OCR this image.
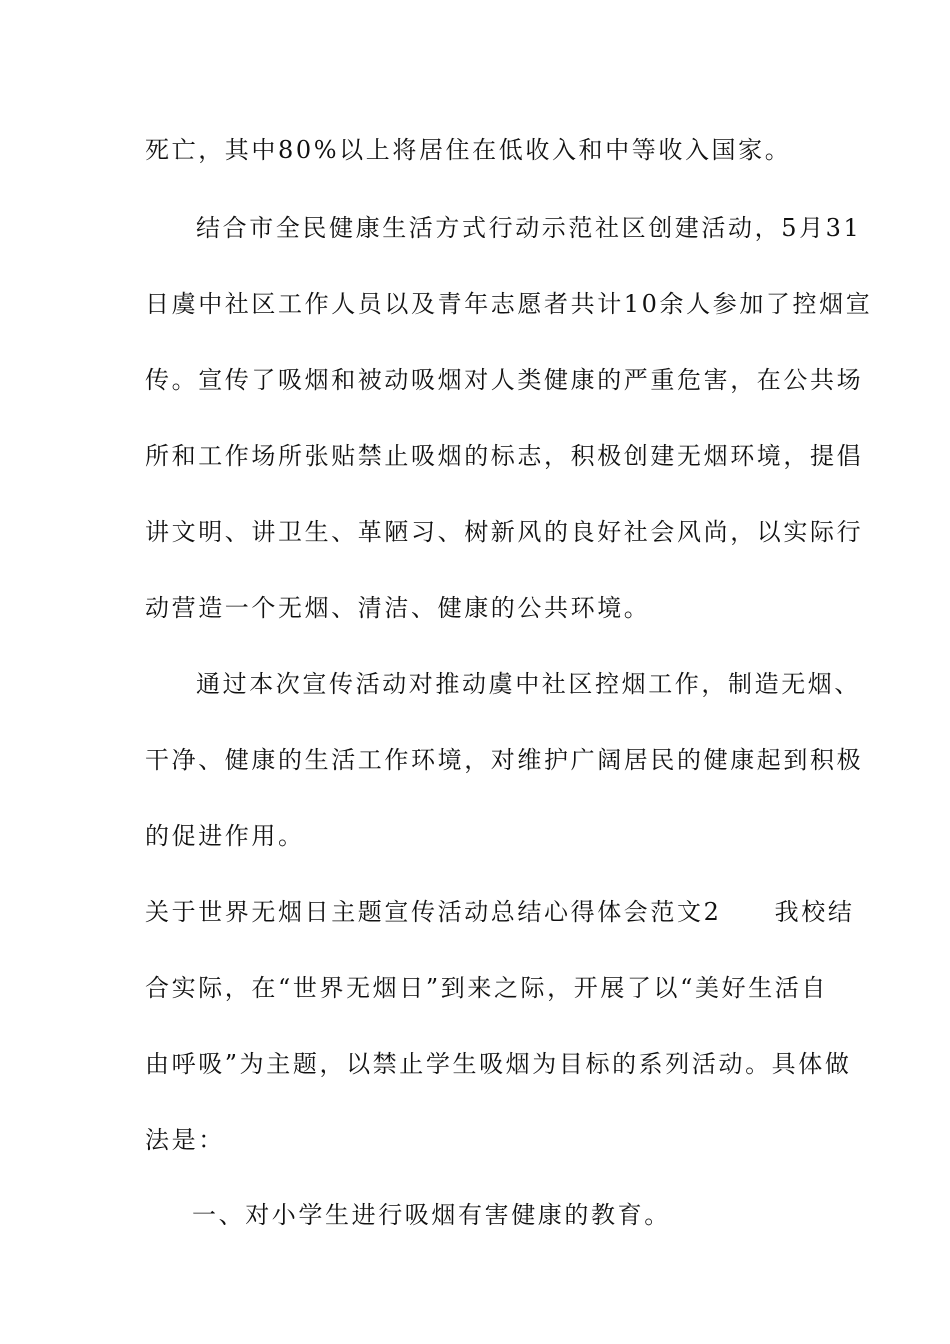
死亡，其中80%以上将居住在低收入和中等收入国家。
结合市全民健康生活方式行动示范社区创建活动，5月31
日虞中社区工作人员以及青年志愿者共计10余人参加了控烟宣
传。宣传了吸烟和被动吸烟对人类健康的严重危害，在公共场
所和工作场所张贴禁止吸烟的标志，积极创建无烟环境，提倡
讲文明、讲卫生、革陋习、树新风的良好社会风尚，以实际行
动营造一个无烟、清洁、健康的公共环境。
通过本次宣传活动对推动虞中社区控烟工作，制造无烟、
干净、健康的生活工作环境，对维护广阔居民的健康起到积极
的促进作用。
关于世界无烟日主题宣传活动总结心得体会范文2　　我校结
合实际，在“世界无烟日”到来之际，开展了以“美好生活自
由呼吸”为主题，以禁止学生吸烟为目标的系列活动。具体做
法是：
一、对小学生进行吸烟有害健康的教育。
